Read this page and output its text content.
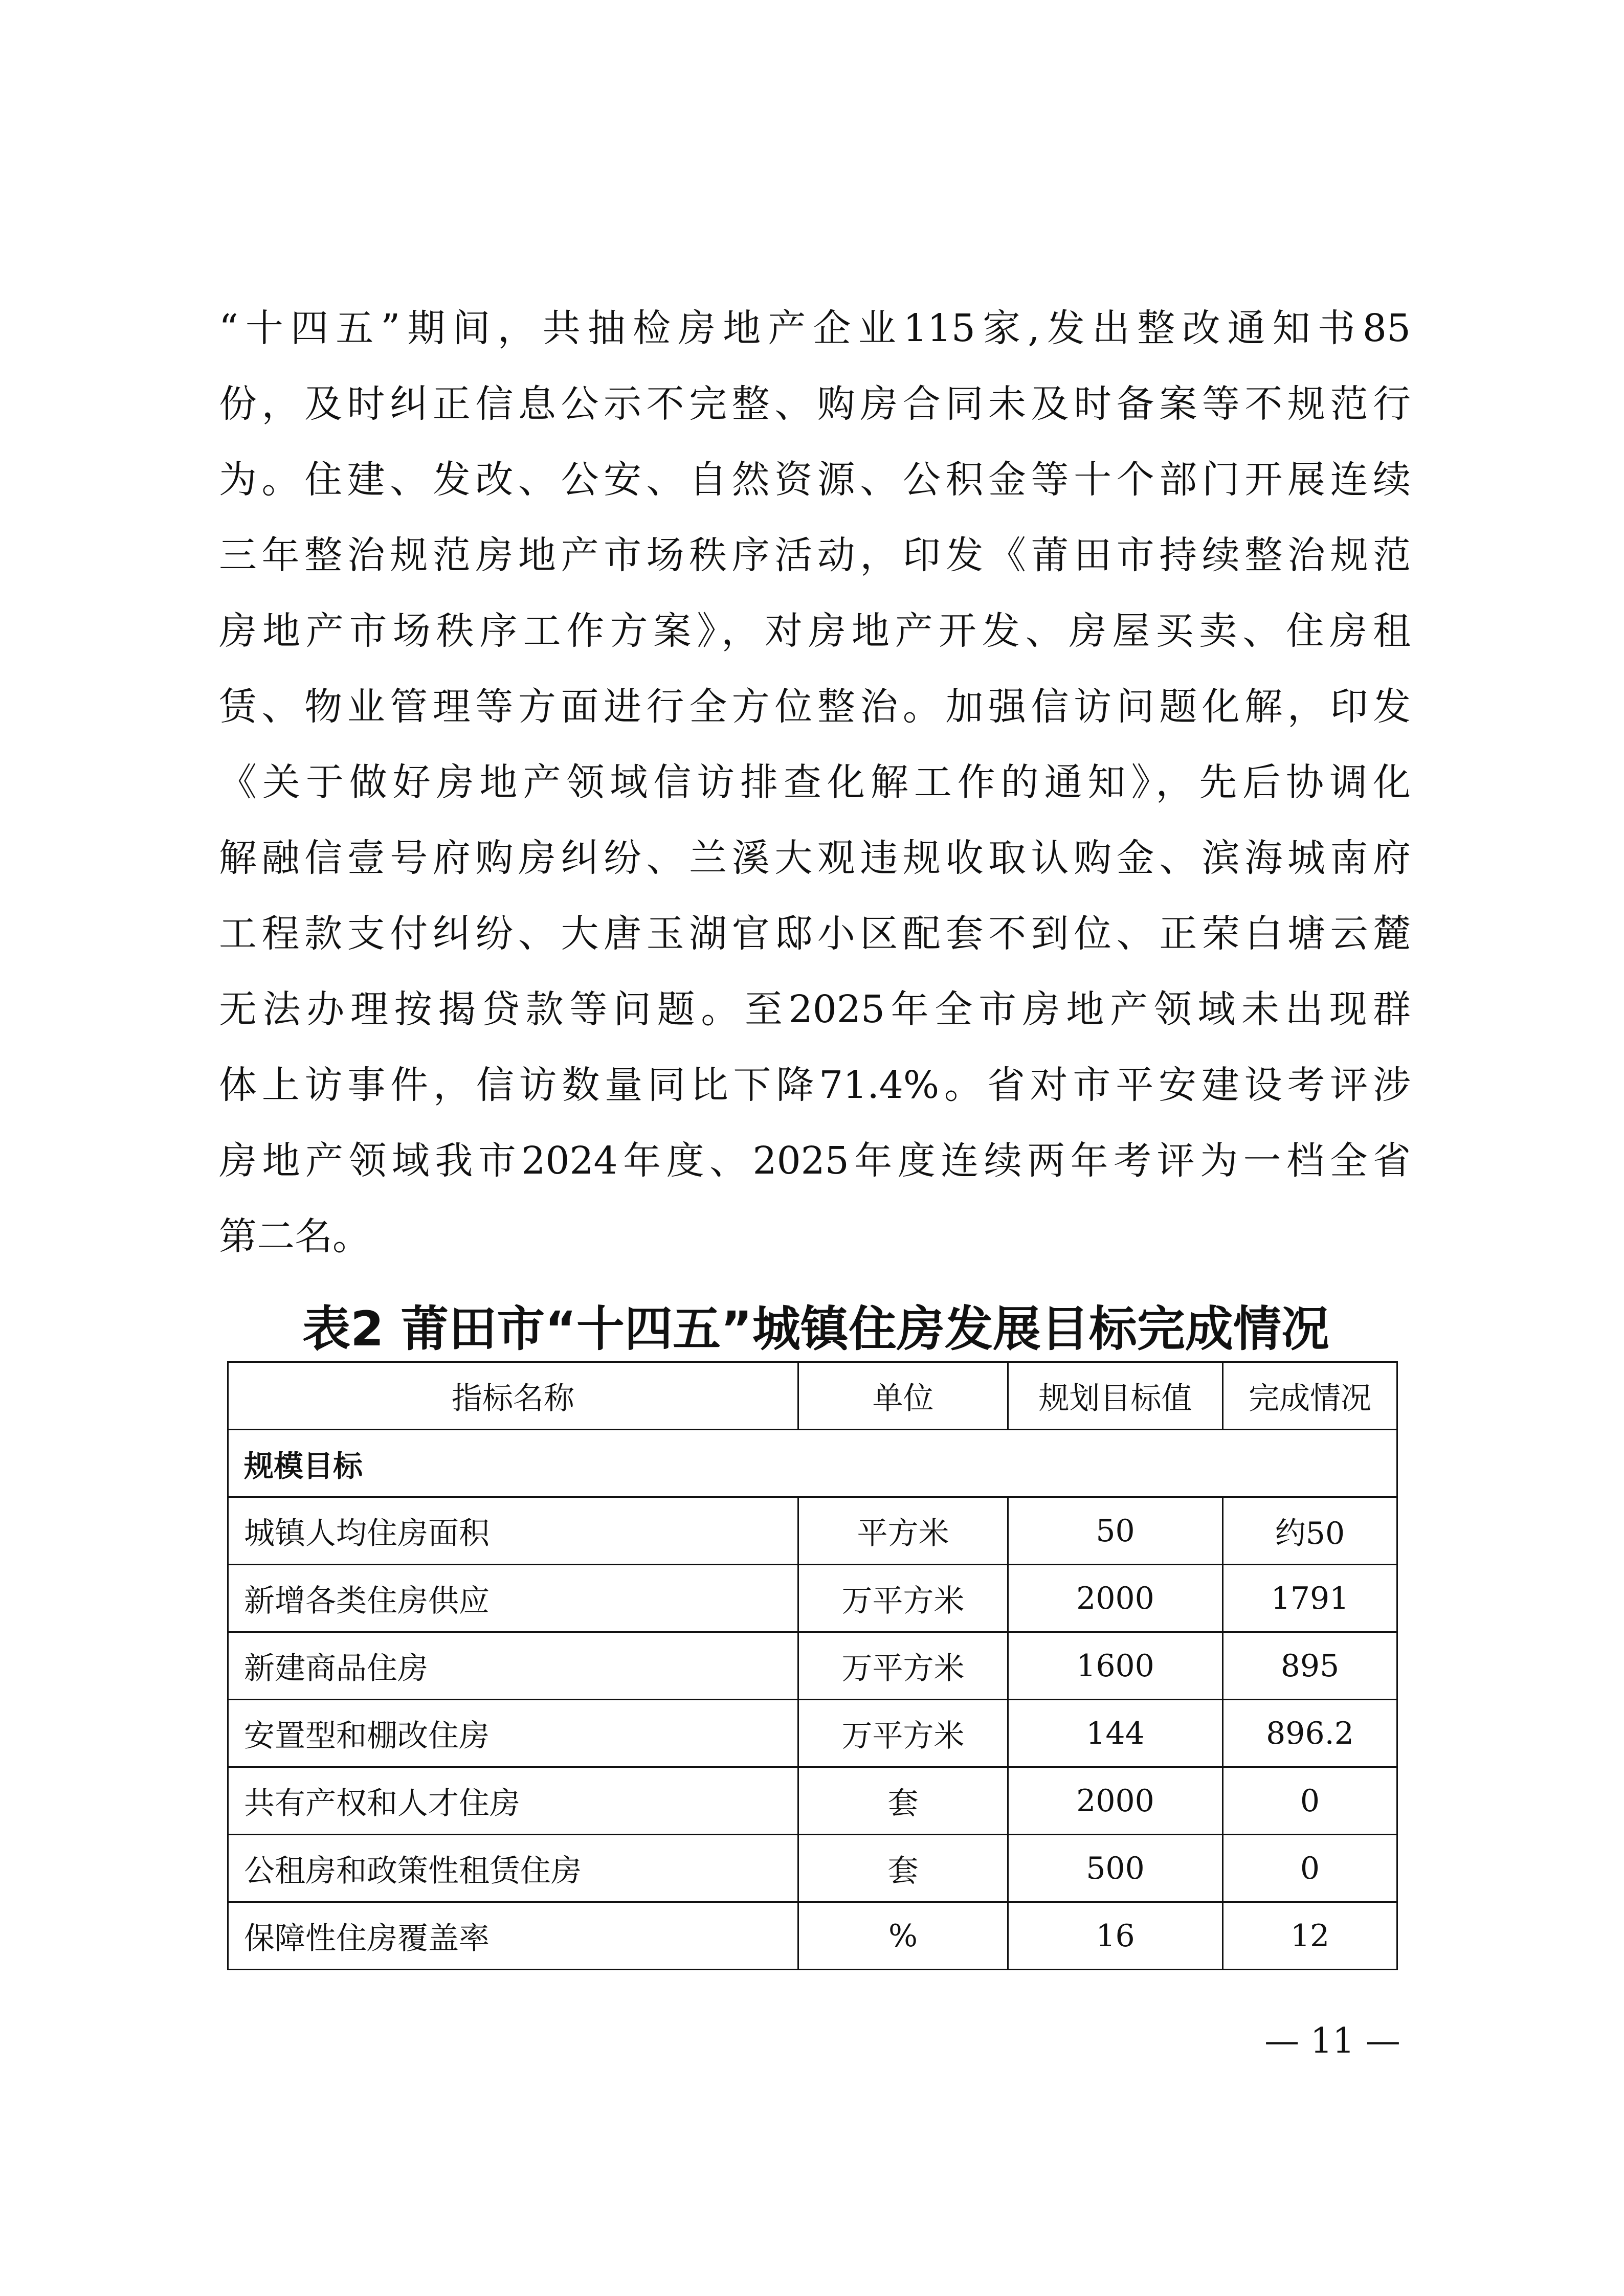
“十四五”期间，共抽检房地产企业115家,发出整改通知书85
份，及时纠正信息公示不完整、购房合同未及时备案等不规范行
为。住建、发改、公安、自然资源、公积金等十个部门开展连续
三年整治规范房地产市场秩序活动，印发《莆田市持续整治规范
房地产市场秩序工作方案》，对房地产开发、房屋买卖、住房租
赁、物业管理等方面进行全方位整治。加强信访问题化解，印发
《关于做好房地产领域信访排查化解工作的通知》，先后协调化
解融信壹号府购房纠纷、兰溪大观违规收取认购金、滨海城南府
工程款支付纠纷、大唐玉湖官邸小区配套不到位、正荣白塘云麓
无法办理按揭贷款等问题。至2025年全市房地产领域未出现群
体上访事件，信访数量同比下降71.4%。省对市平安建设考评涉
房地产领域我市2024年度、2025年度连续两年考评为一档全省
第二名。
表2 莆田市“十四五”城镇住房发展目标完成情况
指标名称	单位	规划目标值	完成情况
规模目标			
城镇人均住房面积	平方米	50	约50
新增各类住房供应	万平方米	2000	1791
新建商品住房	万平方米	1600	895
安置型和棚改住房	万平方米	144	896.2
共有产权和人才住房	套	2000	0
公租房和政策性租赁住房	套	500	0
保障性住房覆盖率	%	16	12

— 11 —
